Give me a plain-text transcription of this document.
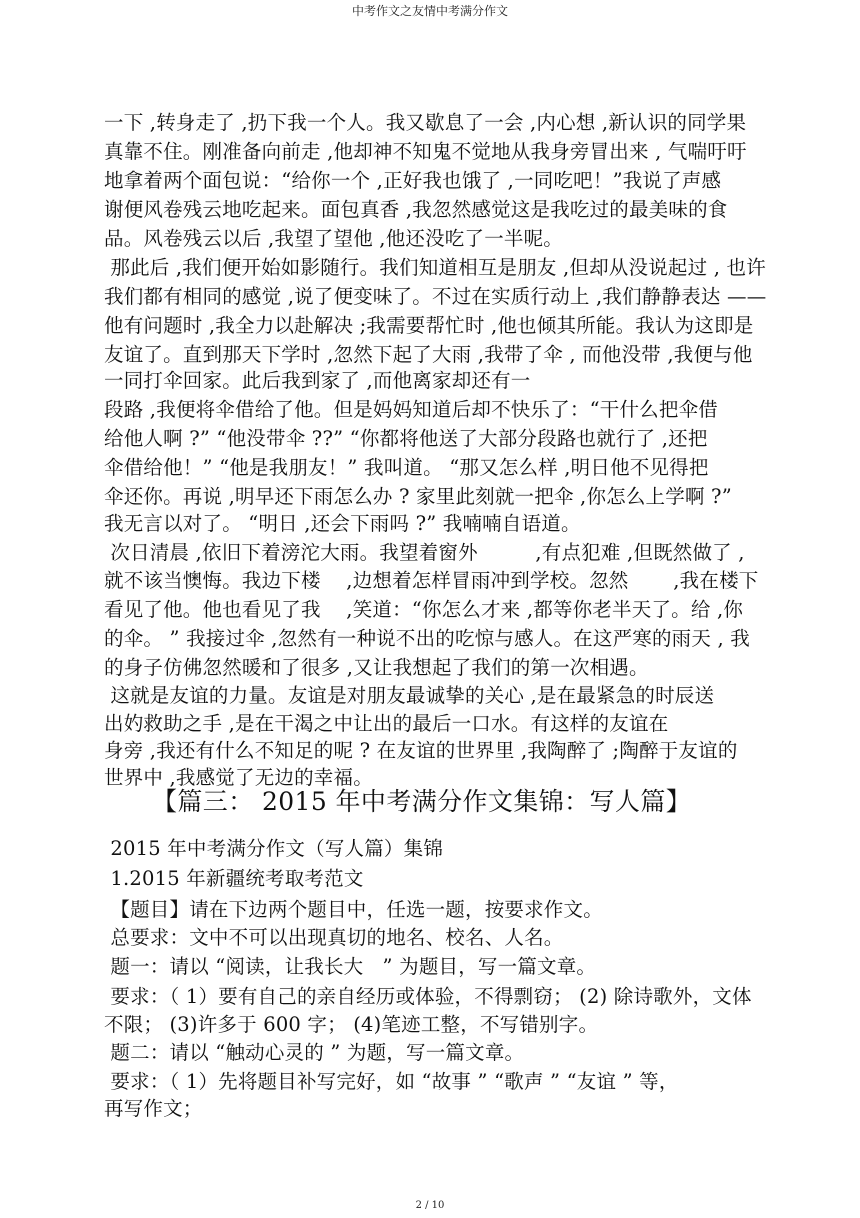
中考作文之友情中考满分作文
一下 ,转身走了 ,扔下我一个人。我又歇息了一会 ,内心想 ,新认识的同学果
真靠不住。刚准备向前走 ,他却神不知鬼不觉地从我身旁冒出来 , 气喘吁吁
地拿着两个面包说：“给你一个 ,正好我也饿了 ,一同吃吧！”我说了声感
谢便风卷残云地吃起来。面包真香 ,我忽然感觉这是我吃过的最美味的食
品。风卷残云以后 ,我望了望他 ,他还没吃了一半呢。
那此后 ,我们便开始如影随行。我们知道相互是朋友 ,但却从没说起过 , 也许
我们都有相同的感觉 ,说了便变味了。不过在实质行动上 ,我们静静表达 ——
他有问题时 ,我全力以赴解决 ;我需要帮忙时 ,他也倾其所能。我认为这即是
友谊了。直到那天下学时 ,忽然下起了大雨 ,我带了伞 , 而他没带 ,我便与他
一同打伞回家。此后我到家了 ,而他离家却还有一
段路 ,我便将伞借给了他。但是妈妈知道后却不快乐了：“干什么把伞借
给他人啊 ?” “他没带伞 ??” “你都将他送了大部分段路也就行了 ,还把
伞借给他！” “他是我朋友！” 我叫道。 “那又怎么样 ,明日他不见得把
伞还你。再说 ,明早还下雨怎么办 ? 家里此刻就一把伞 ,你怎么上学啊 ?”
我无言以对了。 “明日 ,还会下雨吗 ?” 我喃喃自语道。
次日清晨 ,依旧下着滂沱大雨。我望着窗外         ,有点犯难 ,但既然做了 ,
就不该当懊悔。我边下楼    ,边想着怎样冒雨冲到学校。忽然       ,我在楼下
看见了他。他也看见了我    ,笑道：“你怎么才来 ,都等你老半天了。给 ,你
的伞。 ” 我接过伞 ,忽然有一种说不出的吃惊与感人。在这严寒的雨天 , 我
的身子仿佛忽然暖和了很多 ,又让我想起了我们的第一次相遇。
这就是友谊的力量。友谊是对朋友最诚挚的关心 ,是在最紧急的时辰送
出妁救助之手 ,是在干渴之中让出的最后一口水。有这样的友谊在
身旁 ,我还有什么不知足的呢 ? 在友谊的世界里 ,我陶醉了 ;陶醉于友谊的
世界中 ,我感觉了无边的幸福。
【篇三： 2015 年中考满分作文集锦：写人篇】
2015 年中考满分作文（写人篇）集锦
1.2015 年新疆统考取考范文
【题目】请在下边两个题目中，任选一题，按要求作文。
总要求：文中不可以出现真切的地名、校名、人名。
题一：请以 “阅读，让我长大   ” 为题目，写一篇文章。
要求：（ 1）要有自己的亲自经历或体验，不得剽窃； (2) 除诗歌外，文体
不限； (3)许多于 600 字； (4)笔迹工整，不写错别字。
题二：请以 “触动心灵的 ” 为题，写一篇文章。
要求：（ 1）先将题目补写完好，如 “故事 ” “歌声 ” “友谊 ” 等，
再写作文；
2 / 10
